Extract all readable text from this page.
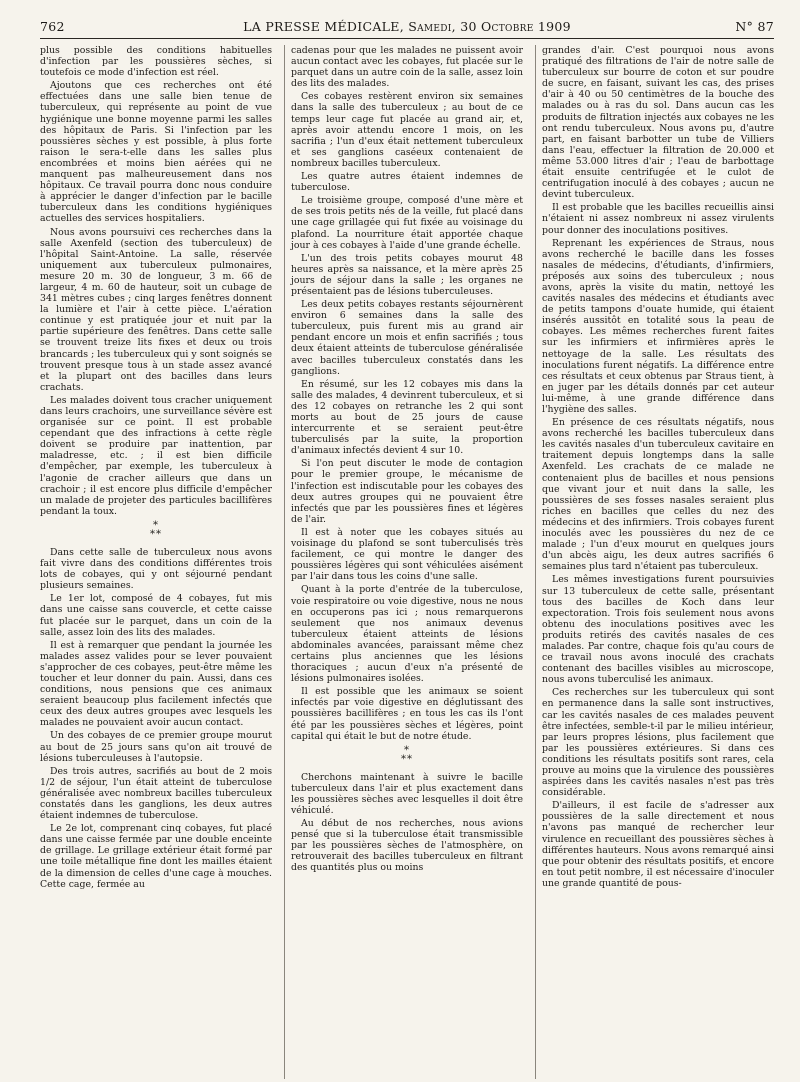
762	LA PRESSE MÉDICALE, Samedi, 30 Octobre 1909	N° 87

plus possible des conditions habituelles d'infection par les poussières sèches, si toutefois ce mode d'infection est réel.

Ajoutons que ces recherches ont été effectuées dans une salle bien tenue de tuberculeux, qui représente au point de vue hygiénique une bonne moyenne parmi les salles des hôpitaux de Paris. Si l'infection par les poussières sèches y est possible, à plus forte raison le sera-t-elle dans les salles plus encombrées et moins bien aérées qui ne manquent pas malheureusement dans nos hôpitaux. Ce travail pourra donc nous conduire à apprécier le danger d'infection par le bacille tuberculeux dans les conditions hygiéniques actuelles des services hospitaliers.

Nous avons poursuivi ces recherches dans la salle Axenfeld (section des tuberculeux) de l'hôpital Saint-Antoine. La salle, réservée uniquement aux tuberculeux pulmonaires, mesure 20 m. 30 de longueur, 3 m. 66 de largeur, 4 m. 60 de hauteur, soit un cubage de 341 mètres cubes ; cinq larges fenêtres donnent la lumière et l'air à cette pièce. L'aération continue y est pratiquée jour et nuit par la partie supérieure des fenêtres. Dans cette salle se trouvent treize lits fixes et deux ou trois brancards ; les tuberculeux qui y sont soignés se trouvent presque tous à un stade assez avancé et la plupart ont des bacilles dans leurs crachats.

Les malades doivent tous cracher uniquement dans leurs crachoirs, une surveillance sévère est organisée sur ce point. Il est probable cependant que des infractions à cette règle doivent se produire par inattention, par maladresse, etc. ; il est bien difficile d'empêcher, par exemple, les tuberculeux à l'agonie de cracher ailleurs que dans un crachoir ; il est encore plus difficile d'empêcher un malade de projeter des particules bacillifères pendant la toux.

*
**

Dans cette salle de tuberculeux nous avons fait vivre dans des conditions différentes trois lots de cobayes, qui y ont séjourné pendant plusieurs semaines.

Le 1er lot, composé de 4 cobayes, fut mis dans une caisse sans couvercle, et cette caisse fut placée sur le parquet, dans un coin de la salle, assez loin des lits des malades.

Il est à remarquer que pendant la journée les malades assez valides pour se lever pouvaient s'approcher de ces cobayes, peut-être même les toucher et leur donner du pain. Aussi, dans ces conditions, nous pensions que ces animaux seraient beaucoup plus facilement infectés que ceux des deux autres groupes avec lesquels les malades ne pouvaient avoir aucun contact.

Un des cobayes de ce premier groupe mourut au bout de 25 jours sans qu'on ait trouvé de lésions tuberculeuses à l'autopsie.

Des trois autres, sacrifiés au bout de 2 mois 1/2 de séjour, l'un était atteint de tuberculose généralisée avec nombreux bacilles tuberculeux constatés dans les ganglions, les deux autres étaient indemnes de tuberculose.

Le 2e lot, comprenant cinq cobayes, fut placé dans une caisse fermée par une double enceinte de grillage. Le grillage extérieur était formé par une toile métallique fine dont les mailles étaient de la dimension de celles d'une cage à mouches. Cette cage, fermée au

cadenas pour que les malades ne puissent avoir aucun contact avec les cobayes, fut placée sur le parquet dans un autre coin de la salle, assez loin des lits des malades.

Ces cobayes restèrent environ six semaines dans la salle des tuberculeux ; au bout de ce temps leur cage fut placée au grand air, et, après avoir attendu encore 1 mois, on les sacrifia ; l'un d'eux était nettement tuberculeux et ses ganglions caséeux contenaient de nombreux bacilles tuberculeux.

Les quatre autres étaient indemnes de tuberculose.

Le troisième groupe, composé d'une mère et de ses trois petits nés de la veille, fut placé dans une cage grillagée qui fut fixée au voisinage du plafond. La nourriture était apportée chaque jour à ces cobayes à l'aide d'une grande échelle.

L'un des trois petits cobayes mourut 48 heures après sa naissance, et la mère après 25 jours de séjour dans la salle ; les organes ne présentaient pas de lésions tuberculeuses.

Les deux petits cobayes restants séjournèrent environ 6 semaines dans la salle des tuberculeux, puis furent mis au grand air pendant encore un mois et enfin sacrifiés ; tous deux étaient atteints de tuberculose généralisée avec bacilles tuberculeux constatés dans les ganglions.

En résumé, sur les 12 cobayes mis dans la salle des malades, 4 devinrent tuberculeux, et si des 12 cobayes on retranche les 2 qui sont morts au bout de 25 jours de cause intercurrente et se seraient peut-être tuberculisés par la suite, la proportion d'animaux infectés devient 4 sur 10.

Si l'on peut discuter le mode de contagion pour le premier groupe, le mécanisme de l'infection est indiscutable pour les cobayes des deux autres groupes qui ne pouvaient être infectés que par les poussières fines et légères de l'air.

Il est à noter que les cobayes situés au voisinage du plafond se sont tuberculisés très facilement, ce qui montre le danger des poussières légères qui sont véhiculées aisément par l'air dans tous les coins d'une salle.

Quant à la porte d'entrée de la tuberculose, voie respiratoire ou voie digestive, nous ne nous en occuperons pas ici ; nous remarquerons seulement que nos animaux devenus tuberculeux étaient atteints de lésions abdominales avancées, paraissant même chez certains plus anciennes que les lésions thoraciques ; aucun d'eux n'a présenté de lésions pulmonaires isolées.

Il est possible que les animaux se soient infectés par voie digestive en déglutissant des poussières bacillifères ; en tous les cas ils l'ont été par les poussières sèches et légères, point capital qui était le but de notre étude.

*
**

Cherchons maintenant à suivre le bacille tuberculeux dans l'air et plus exactement dans les poussières sèches avec lesquelles il doit être véhiculé.

Au début de nos recherches, nous avions pensé que si la tuberculose était transmissible par les poussières sèches de l'atmosphère, on retrouverait des bacilles tuberculeux en filtrant des quantités plus ou moins

grandes d'air. C'est pourquoi nous avons pratiqué des filtrations de l'air de notre salle de tuberculeux sur bourre de coton et sur poudre de sucre, en faisant, suivant les cas, des prises d'air à 40 ou 50 centimètres de la bouche des malades ou à ras du sol. Dans aucun cas les produits de filtration injectés aux cobayes ne les ont rendu tuberculeux. Nous avons pu, d'autre part, en faisant barbotter un tube de Villiers dans l'eau, effectuer la filtration de 20.000 et même 53.000 litres d'air ; l'eau de barbottage était ensuite centrifugée et le culot de centrifugation inoculé à des cobayes ; aucun ne devint tuberculeux.

Il est probable que les bacilles recueillis ainsi n'étaient ni assez nombreux ni assez virulents pour donner des inoculations positives.

Reprenant les expériences de Straus, nous avons recherché le bacille dans les fosses nasales de médecins, d'étudiants, d'infirmiers, préposés aux soins des tuberculeux ; nous avons, après la visite du matin, nettoyé les cavités nasales des médecins et étudiants avec de petits tampons d'ouate humide, qui étaient insérés aussitôt en totalité sous la peau de cobayes. Les mêmes recherches furent faites sur les infirmiers et infirmières après le nettoyage de la salle. Les résultats des inoculations furent négatifs. La différence entre ces résultats et ceux obtenus par Straus tient, à en juger par les détails donnés par cet auteur lui-même, à une grande différence dans l'hygiène des salles.

En présence de ces résultats négatifs, nous avons recherché les bacilles tuberculeux dans les cavités nasales d'un tuberculeux cavitaire en traitement depuis longtemps dans la salle Axenfeld. Les crachats de ce malade ne contenaient plus de bacilles et nous pensions que vivant jour et nuit dans la salle, les poussières de ses fosses nasales seraient plus riches en bacilles que celles du nez des médecins et des infirmiers. Trois cobayes furent inoculés avec les poussières du nez de ce malade ; l'un d'eux mourut en quelques jours d'un abcès aigu, les deux autres sacrifiés 6 semaines plus tard n'étaient pas tuberculeux.

Les mêmes investigations furent poursuivies sur 13 tuberculeux de cette salle, présentant tous des bacilles de Koch dans leur expectoration. Trois fois seulement nous avons obtenu des inoculations positives avec les produits retirés des cavités nasales de ces malades. Par contre, chaque fois qu'au cours de ce travail nous avons inoculé des crachats contenant des bacilles visibles au microscope, nous avons tuberculisé les animaux.

Ces recherches sur les tuberculeux qui sont en permanence dans la salle sont instructives, car les cavités nasales de ces malades peuvent être infectées, semble-t-il par le milieu intérieur, par leurs propres lésions, plus facilement que par les poussières extérieures. Si dans ces conditions les résultats positifs sont rares, cela prouve au moins que la virulence des poussières aspirées dans les cavités nasales n'est pas très considérable.

D'ailleurs, il est facile de s'adresser aux poussières de la salle directement et nous n'avons pas manqué de rechercher leur virulence en recueillant des poussières sèches à différentes hauteurs. Nous avons remarqué ainsi que pour obtenir des résultats positifs, et encore en tout petit nombre, il est nécessaire d'inoculer une grande quantité de pous-
